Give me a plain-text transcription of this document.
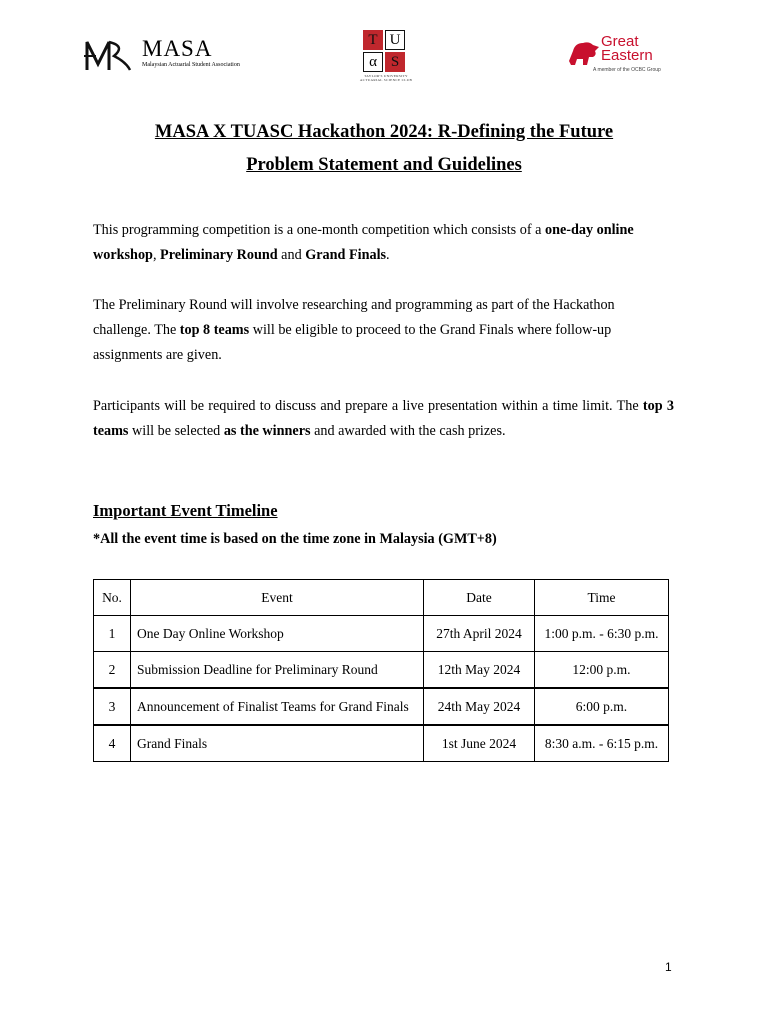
MASA
Malaysian Actuarial Student Association
T U
α S
TAYLOR'S UNIVERSITY ACTUARIAL SCIENCE CLUB
Great
Eastern
A member of the OCBC Group
MASA X TUASC Hackathon 2024: R-Defining the Future
Problem Statement and Guidelines
This programming competition is a one-month competition which consists of a one-day online workshop, Preliminary Round and Grand Finals.
The Preliminary Round will involve researching and programming as part of the Hackathon challenge. The top 8 teams will be eligible to proceed to the Grand Finals where follow-up assignments are given.
Participants will be required to discuss and prepare a live presentation within a time limit. The top 3 teams will be selected as the winners and awarded with the cash prizes.
Important Event Timeline
*All the event time is based on the time zone in Malaysia (GMT+8)
No.	Event	Date	Time
1	One Day Online Workshop	27th April 2024	1:00 p.m. - 6:30 p.m.
2	Submission Deadline for Preliminary Round	12th May 2024	12:00 p.m.
3	Announcement of Finalist Teams for Grand Finals	24th May 2024	6:00 p.m.
4	Grand Finals	1st June 2024	8:30 a.m. - 6:15 p.m.
1
